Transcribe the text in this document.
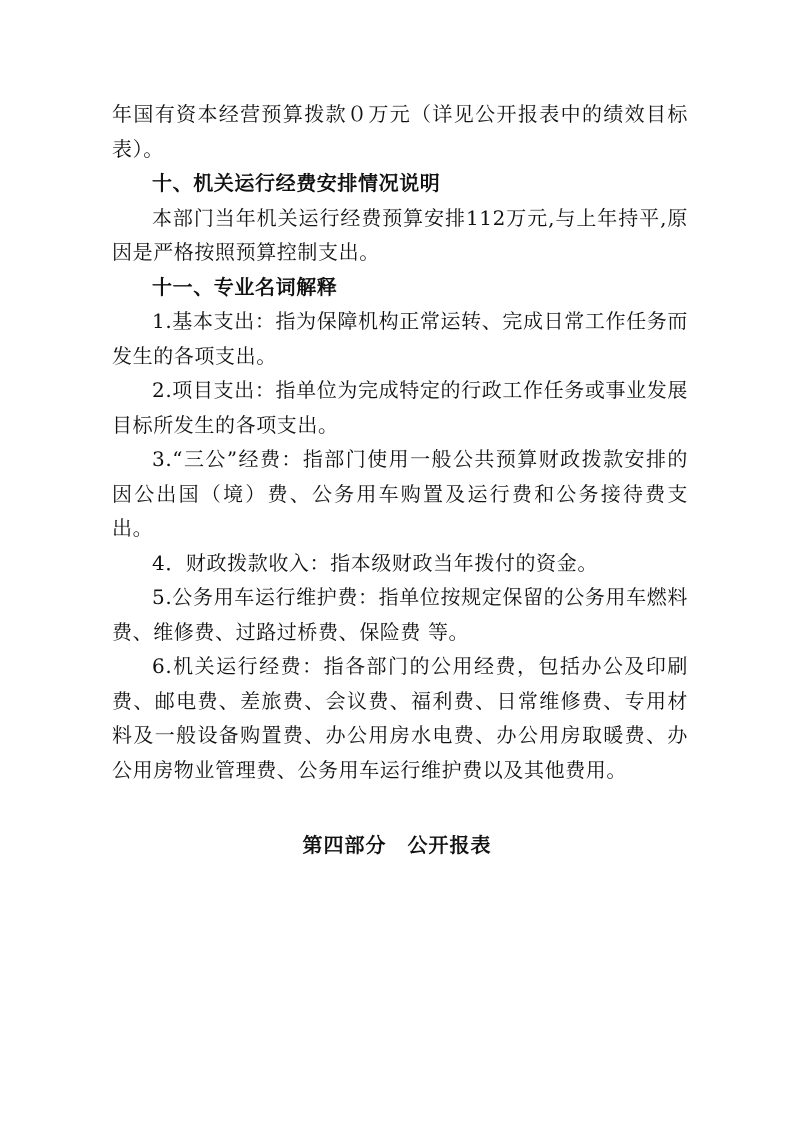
年国有资本经营预算拨款０万元（详见公开报表中的绩效目标表）。

十、机关运行经费安排情况说明

本部门当年机关运行经费预算安排112万元,与上年持平,原因是严格按照预算控制支出。

十一、专业名词解释

1.基本支出：指为保障机构正常运转、完成日常工作任务而发生的各项支出。

2.项目支出：指单位为完成特定的行政工作任务或事业发展目标所发生的各项支出。

3.“三公”经费：指部门使用一般公共预算财政拨款安排的因公出国（境）费、公务用车购置及运行费和公务接待费支出。

4．财政拨款收入：指本级财政当年拨付的资金。

5.公务用车运行维护费：指单位按规定保留的公务用车燃料费、维修费、过路过桥费、保险费 等。

6.机关运行经费：指各部门的公用经费，包括办公及印刷费、邮电费、差旅费、会议费、福利费、日常维修费、专用材料及一般设备购置费、办公用房水电费、办公用房取暖费、办公用房物业管理费、公务用车运行维护费以及其他费用。

第四部分　公开报表
